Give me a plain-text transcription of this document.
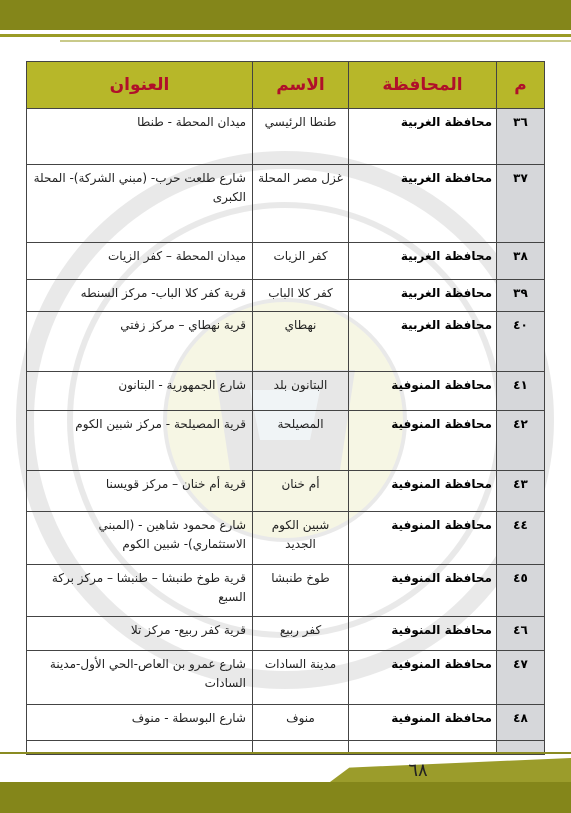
م	المحافظة	الاسم	العنوان
٣٦	محافظة الغربية	طنطا الرئيسي	ميدان المحطة - طنطا
٣٧	محافظة الغربية	غزل مصر المحلة	شارع طلعت حرب- (مبني الشركة)- المحلة الكبرى
٣٨	محافظة الغربية	كفر الزيات	ميدان المحطة – كفر الزيات
٣٩	محافظة الغربية	كفر كلا الباب	قرية كفر كلا الباب- مركز السنطه
٤٠	محافظة الغربية	نهطاي	قرية نهطاي – مركز زفتي
٤١	محافظة المنوفية	البتانون بلد	شارع الجمهورية - البتانون
٤٢	محافظة المنوفية	المصيلحة	قرية المصيلحة - مركز شبين الكوم
٤٣	محافظة المنوفية	أم خنان	قرية أم خنان – مركز قويسنا
٤٤	محافظة المنوفية	شبين الكوم الجديد	شارع محمود شاهين - (المبني الاستثماري)- شبين الكوم
٤٥	محافظة المنوفية	طوخ طنبشا	قرية طوخ طنبشا – طنبشا – مركز بركة السبع
٤٦	محافظة المنوفية	كفر ربيع	قرية كفر ربيع- مركز تلا
٤٧	محافظة المنوفية	مدينة السادات	شارع عمرو بن العاص-الحي الأول-مدينة السادات
٤٨	محافظة المنوفية	منوف	شارع البوسطة - منوف

٦٨
